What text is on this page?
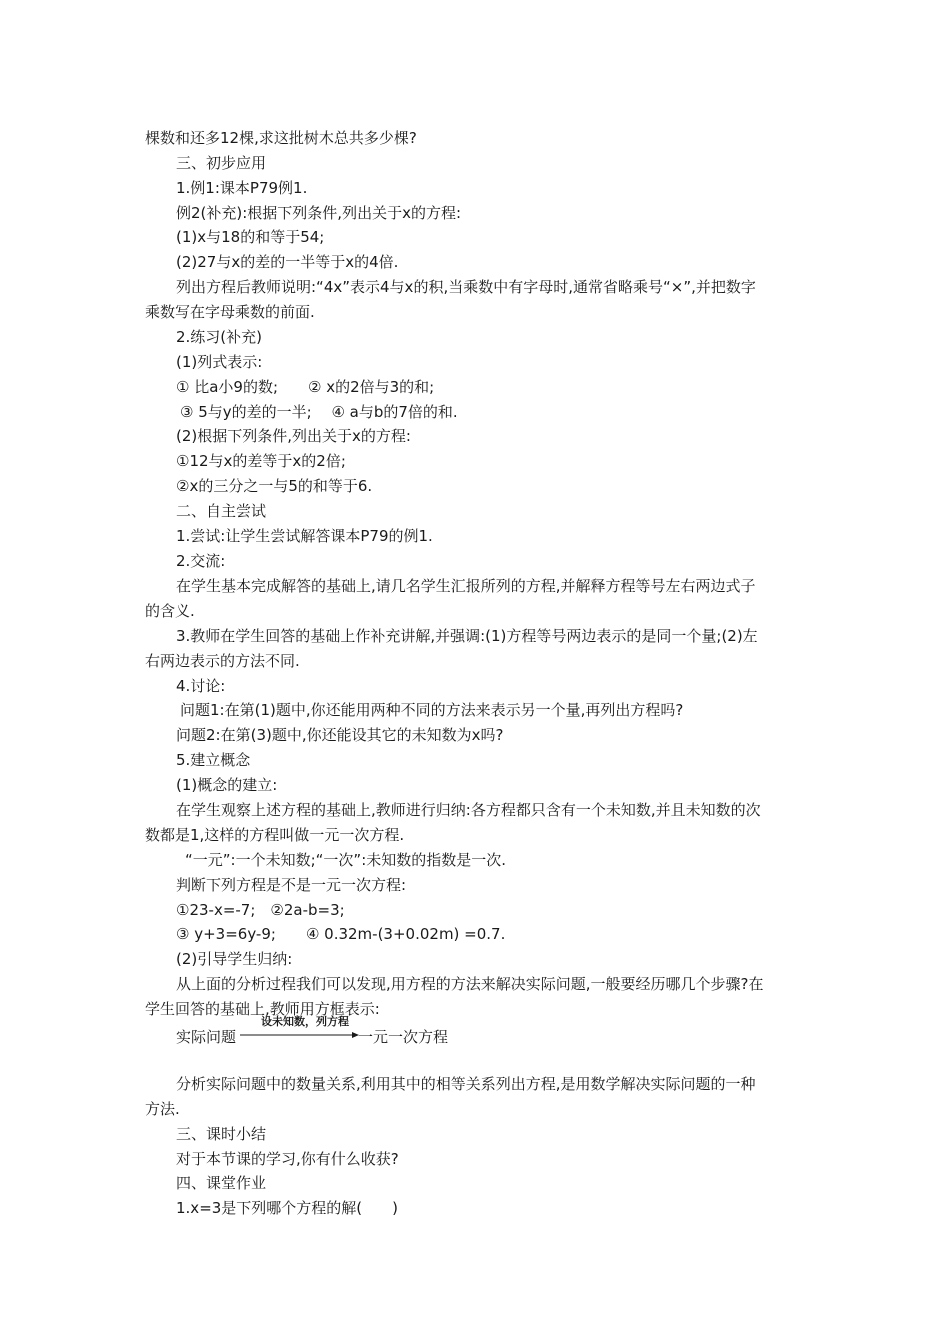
棵数和还多12棵,求这批树木总共多少棵?

三、初步应用

1.例1:课本P79例1.

例2(补充):根据下列条件,列出关于x的方程:

(1)x与18的和等于54;

(2)27与x的差的一半等于x的4倍.

列出方程后教师说明:“4x”表示4与x的积,当乘数中有字母时,通常省略乘号“×”,并把数字

乘数写在字母乘数的前面.

2.练习(补充)

(1)列式表示:

① 比a小9的数;　　② x的2倍与3的和;

③ 5与y的差的一半;　 ④ a与b的7倍的和.

(2)根据下列条件,列出关于x的方程:

①12与x的差等于x的2倍;

②x的三分之一与5的和等于6.

二、自主尝试

1.尝试:让学生尝试解答课本P79的例1.

2.交流:

在学生基本完成解答的基础上,请几名学生汇报所列的方程,并解释方程等号左右两边式子

的含义.

3.教师在学生回答的基础上作补充讲解,并强调:(1)方程等号两边表示的是同一个量;(2)左

右两边表示的方法不同.

4.讨论:

问题1:在第(1)题中,你还能用两种不同的方法来表示另一个量,再列出方程吗?

问题2:在第(3)题中,你还能设其它的未知数为x吗?

5.建立概念

(1)概念的建立:

在学生观察上述方程的基础上,教师进行归纳:各方程都只含有一个未知数,并且未知数的次

数都是1,这样的方程叫做一元一次方程.

“一元”:一个未知数;“一次”:未知数的指数是一次.

判断下列方程是不是一元一次方程:

①23-x=-7;　②2a-b=3;

③ y+3=6y-9;　　④ 0.32m-(3+0.02m) =0.7.

(2)引导学生归纳:

从上面的分析过程我们可以发现,用方程的方法来解决实际问题,一般要经历哪几个步骤?在

学生回答的基础上,教师用方框表示:

实际问题
设未知数，列方程
一元一次方程

分析实际问题中的数量关系,利用其中的相等关系列出方程,是用数学解决实际问题的一种

方法.

三、课时小结

对于本节课的学习,你有什么收获?

四、课堂作业

1.x=3是下列哪个方程的解(　　)
